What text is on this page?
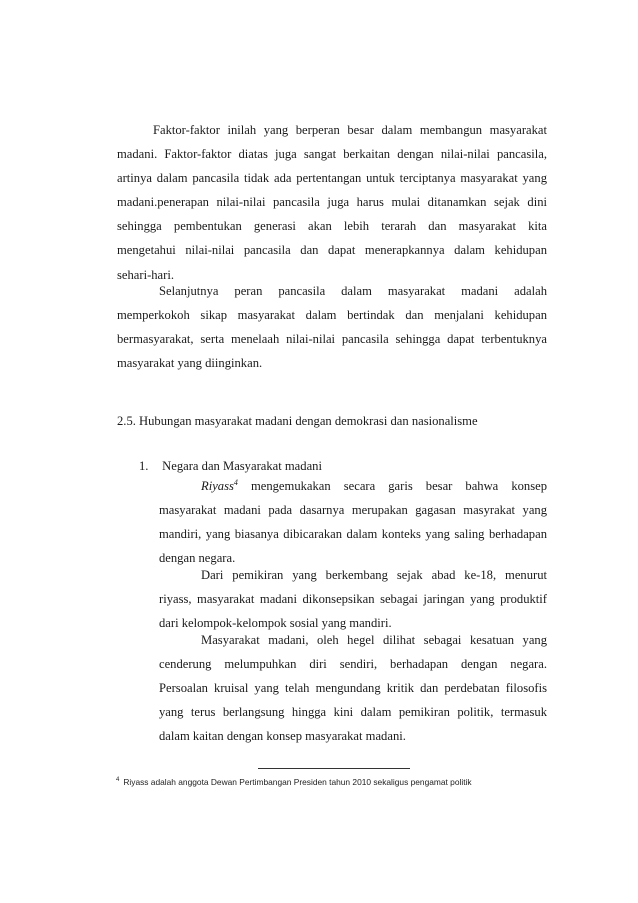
Faktor-faktor inilah yang berperan besar dalam membangun masyarakat
madani. Faktor-faktor diatas juga sangat berkaitan dengan nilai-nilai pancasila,
artinya dalam pancasila tidak ada pertentangan untuk terciptanya masyarakat yang
madani.penerapan nilai-nilai pancasila juga harus mulai ditanamkan sejak dini
sehingga pembentukan generasi akan lebih terarah dan masyarakat kita
mengetahui nilai-nilai pancasila dan dapat menerapkannya dalam kehidupan
sehari-hari.
Selanjutnya peran pancasila dalam masyarakat madani adalah
memperkokoh sikap masyarakat dalam bertindak dan menjalani kehidupan
bermasyarakat, serta menelaah nilai-nilai pancasila sehingga dapat terbentuknya
masyarakat yang diinginkan.
2.5. Hubungan masyarakat madani dengan demokrasi dan nasionalisme
1. Negara dan Masyarakat madani
Riyass$^4$ mengemukakan secara garis besar bahwa konsep
masyarakat madani pada dasarnya merupakan gagasan masyrakat yang
mandiri, yang biasanya dibicarakan dalam konteks yang saling berhadapan
dengan negara.
Dari pemikiran yang berkembang sejak abad ke-18, menurut
riyass, masyarakat madani dikonsepsikan sebagai jaringan yang produktif
dari kelompok-kelompok sosial yang mandiri.
Masyarakat madani, oleh hegel dilihat sebagai kesatuan yang
cenderung melumpuhkan diri sendiri, berhadapan dengan negara.
Persoalan kruisal yang telah mengundang kritik dan perdebatan filosofis
yang terus berlangsung hingga kini dalam pemikiran politik, termasuk
dalam kaitan dengan konsep masyarakat madani.
$^4$ Riyass adalah anggota Dewan Pertimbangan Presiden tahun 2010 sekaligus pengamat politik
